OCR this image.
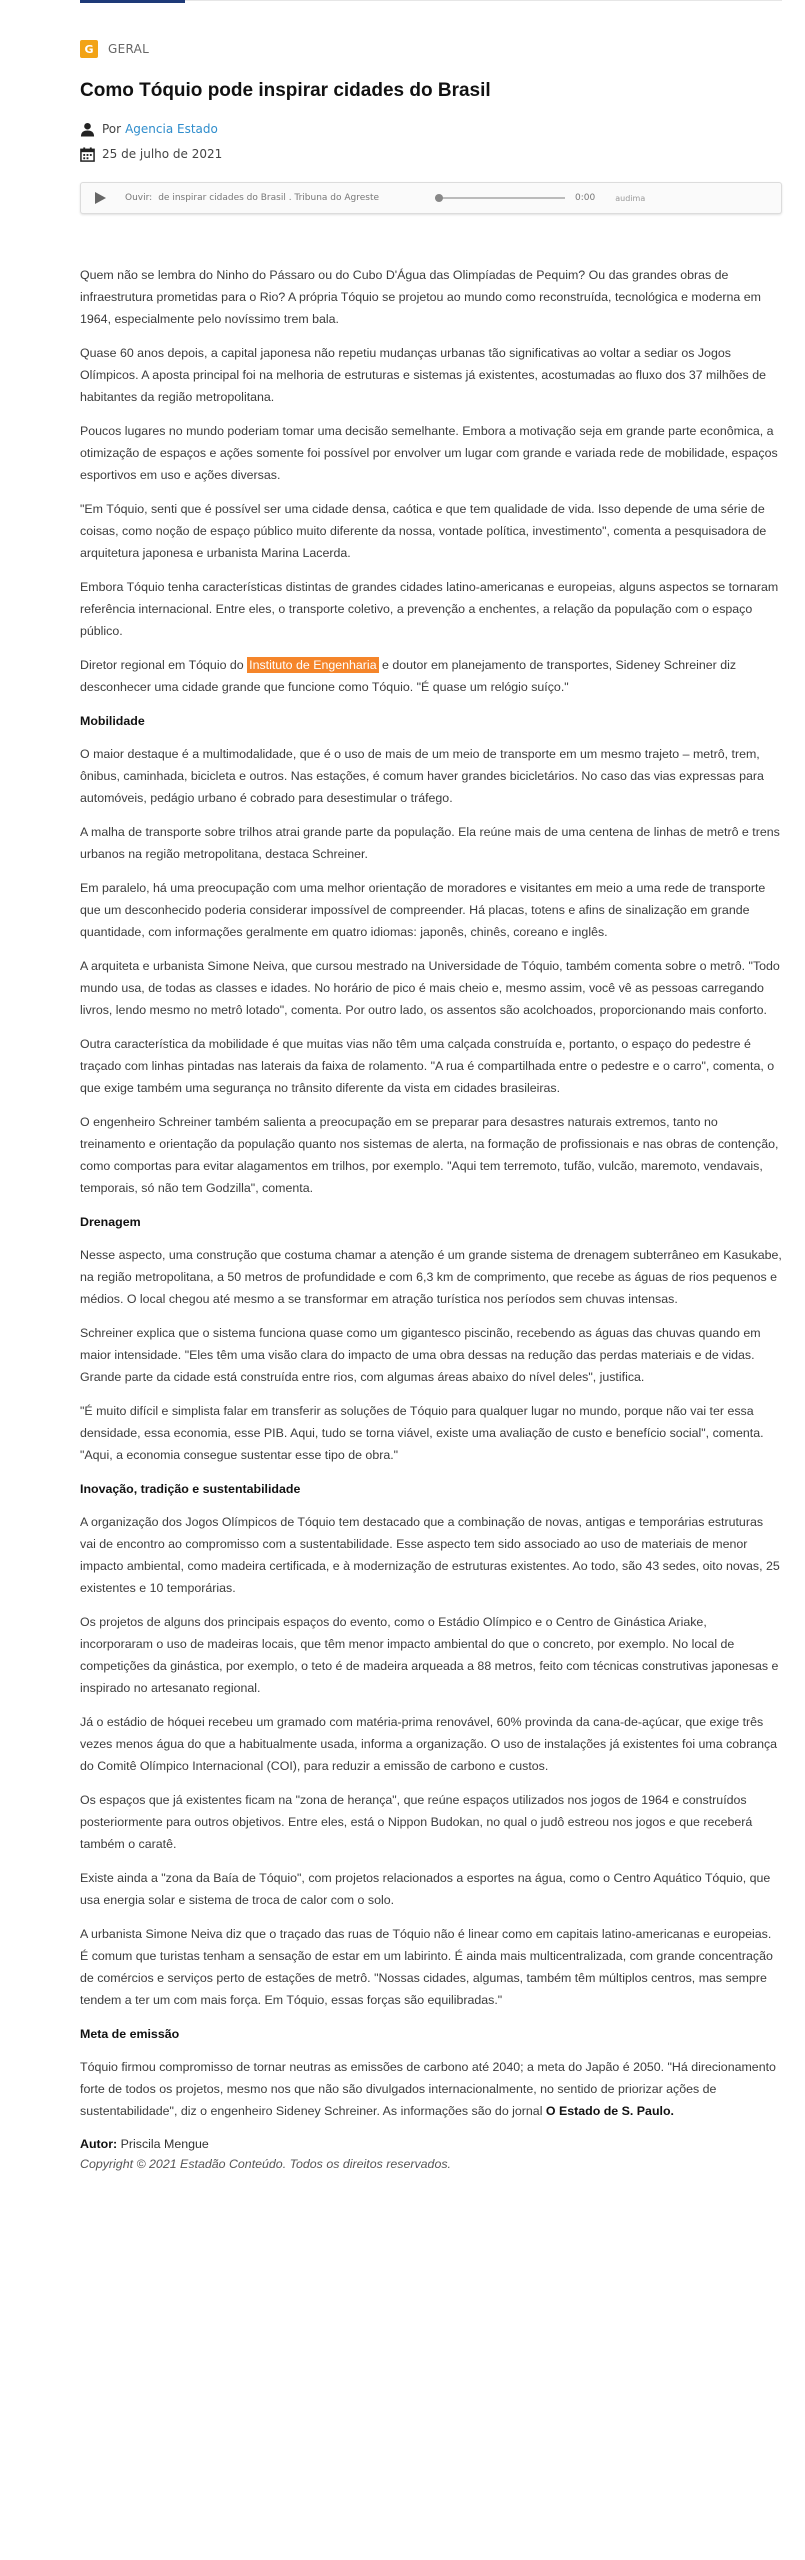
G GERAL
Como Tóquio pode inspirar cidades do Brasil
Por Agencia Estado
25 de julho de 2021
Ouvir: de inspirar cidades do Brasil . Tribuna do Agreste	0:00	audima

Quem não se lembra do Ninho do Pássaro ou do Cubo D'Água das Olimpíadas de Pequim? Ou das grandes obras de infraestrutura prometidas para o Rio? A própria Tóquio se projetou ao mundo como reconstruída, tecnológica e moderna em 1964, especialmente pelo novíssimo trem bala.

Quase 60 anos depois, a capital japonesa não repetiu mudanças urbanas tão significativas ao voltar a sediar os Jogos Olímpicos. A aposta principal foi na melhoria de estruturas e sistemas já existentes, acostumadas ao fluxo dos 37 milhões de habitantes da região metropolitana.

Poucos lugares no mundo poderiam tomar uma decisão semelhante. Embora a motivação seja em grande parte econômica, a otimização de espaços e ações somente foi possível por envolver um lugar com grande e variada rede de mobilidade, espaços esportivos em uso e ações diversas.

"Em Tóquio, senti que é possível ser uma cidade densa, caótica e que tem qualidade de vida. Isso depende de uma série de coisas, como noção de espaço público muito diferente da nossa, vontade política, investimento", comenta a pesquisadora de arquitetura japonesa e urbanista Marina Lacerda.

Embora Tóquio tenha características distintas de grandes cidades latino-americanas e europeias, alguns aspectos se tornaram referência internacional. Entre eles, o transporte coletivo, a prevenção a enchentes, a relação da população com o espaço público.

Diretor regional em Tóquio do Instituto de Engenharia e doutor em planejamento de transportes, Sideney Schreiner diz desconhecer uma cidade grande que funcione como Tóquio. "É quase um relógio suíço."

Mobilidade

O maior destaque é a multimodalidade, que é o uso de mais de um meio de transporte em um mesmo trajeto – metrô, trem, ônibus, caminhada, bicicleta e outros. Nas estações, é comum haver grandes bicicletários. No caso das vias expressas para automóveis, pedágio urbano é cobrado para desestimular o tráfego.

A malha de transporte sobre trilhos atrai grande parte da população. Ela reúne mais de uma centena de linhas de metrô e trens urbanos na região metropolitana, destaca Schreiner.

Em paralelo, há uma preocupação com uma melhor orientação de moradores e visitantes em meio a uma rede de transporte que um desconhecido poderia considerar impossível de compreender. Há placas, totens e afins de sinalização em grande quantidade, com informações geralmente em quatro idiomas: japonês, chinês, coreano e inglês.

A arquiteta e urbanista Simone Neiva, que cursou mestrado na Universidade de Tóquio, também comenta sobre o metrô. "Todo mundo usa, de todas as classes e idades. No horário de pico é mais cheio e, mesmo assim, você vê as pessoas carregando livros, lendo mesmo no metrô lotado", comenta. Por outro lado, os assentos são acolchoados, proporcionando mais conforto.

Outra característica da mobilidade é que muitas vias não têm uma calçada construída e, portanto, o espaço do pedestre é traçado com linhas pintadas nas laterais da faixa de rolamento. "A rua é compartilhada entre o pedestre e o carro", comenta, o que exige também uma segurança no trânsito diferente da vista em cidades brasileiras.

O engenheiro Schreiner também salienta a preocupação em se preparar para desastres naturais extremos, tanto no treinamento e orientação da população quanto nos sistemas de alerta, na formação de profissionais e nas obras de contenção, como comportas para evitar alagamentos em trilhos, por exemplo. "Aqui tem terremoto, tufão, vulcão, maremoto, vendavais, temporais, só não tem Godzilla", comenta.

Drenagem

Nesse aspecto, uma construção que costuma chamar a atenção é um grande sistema de drenagem subterrâneo em Kasukabe, na região metropolitana, a 50 metros de profundidade e com 6,3 km de comprimento, que recebe as águas de rios pequenos e médios. O local chegou até mesmo a se transformar em atração turística nos períodos sem chuvas intensas.

Schreiner explica que o sistema funciona quase como um gigantesco piscinão, recebendo as águas das chuvas quando em maior intensidade. "Eles têm uma visão clara do impacto de uma obra dessas na redução das perdas materiais e de vidas. Grande parte da cidade está construída entre rios, com algumas áreas abaixo do nível deles", justifica.

"É muito difícil e simplista falar em transferir as soluções de Tóquio para qualquer lugar no mundo, porque não vai ter essa densidade, essa economia, esse PIB. Aqui, tudo se torna viável, existe uma avaliação de custo e benefício social", comenta. "Aqui, a economia consegue sustentar esse tipo de obra."

Inovação, tradição e sustentabilidade

A organização dos Jogos Olímpicos de Tóquio tem destacado que a combinação de novas, antigas e temporárias estruturas vai de encontro ao compromisso com a sustentabilidade. Esse aspecto tem sido associado ao uso de materiais de menor impacto ambiental, como madeira certificada, e à modernização de estruturas existentes. Ao todo, são 43 sedes, oito novas, 25 existentes e 10 temporárias.

Os projetos de alguns dos principais espaços do evento, como o Estádio Olímpico e o Centro de Ginástica Ariake, incorporaram o uso de madeiras locais, que têm menor impacto ambiental do que o concreto, por exemplo. No local de competições da ginástica, por exemplo, o teto é de madeira arqueada a 88 metros, feito com técnicas construtivas japonesas e inspirado no artesanato regional.

Já o estádio de hóquei recebeu um gramado com matéria-prima renovável, 60% provinda da cana-de-açúcar, que exige três vezes menos água do que a habitualmente usada, informa a organização. O uso de instalações já existentes foi uma cobrança do Comitê Olímpico Internacional (COI), para reduzir a emissão de carbono e custos.

Os espaços que já existentes ficam na "zona de herança", que reúne espaços utilizados nos jogos de 1964 e construídos posteriormente para outros objetivos. Entre eles, está o Nippon Budokan, no qual o judô estreou nos jogos e que receberá também o caratê.

Existe ainda a "zona da Baía de Tóquio", com projetos relacionados a esportes na água, como o Centro Aquático Tóquio, que usa energia solar e sistema de troca de calor com o solo.

A urbanista Simone Neiva diz que o traçado das ruas de Tóquio não é linear como em capitais latino-americanas e europeias. É comum que turistas tenham a sensação de estar em um labirinto. É ainda mais multicentralizada, com grande concentração de comércios e serviços perto de estações de metrô. "Nossas cidades, algumas, também têm múltiplos centros, mas sempre tendem a ter um com mais força. Em Tóquio, essas forças são equilibradas."

Meta de emissão

Tóquio firmou compromisso de tornar neutras as emissões de carbono até 2040; a meta do Japão é 2050. "Há direcionamento forte de todos os projetos, mesmo nos que não são divulgados internacionalmente, no sentido de priorizar ações de sustentabilidade", diz o engenheiro Sideney Schreiner. As informações são do jornal O Estado de S. Paulo.

Autor: Priscila Mengue
Copyright © 2021 Estadão Conteúdo. Todos os direitos reservados.
